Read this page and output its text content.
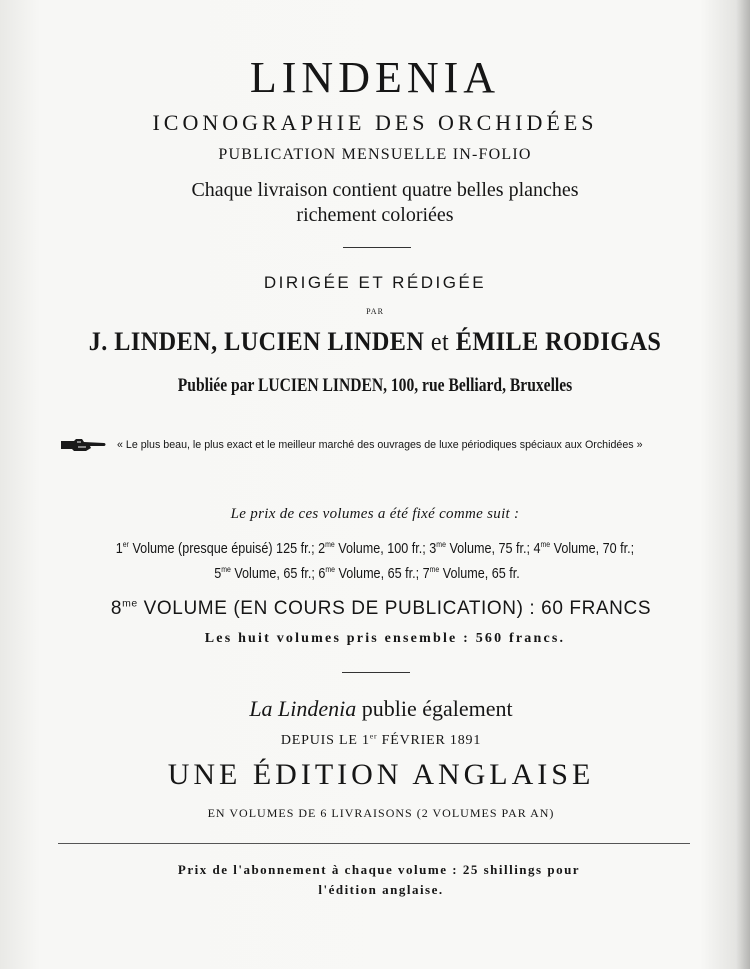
LINDENIA
ICONOGRAPHIE DES ORCHIDÉES
PUBLICATION MENSUELLE IN-FOLIO
Chaque livraison contient quatre belles planches
richement coloriées
DIRIGÉE ET RÉDIGÉE
PAR
J. LINDEN, LUCIEN LINDEN et ÉMILE RODIGAS
Publiée par LUCIEN LINDEN, 100, rue Belliard, Bruxelles
« Le plus beau, le plus exact et le meilleur marché des ouvrages de luxe périodiques spéciaux aux Orchidées »
Le prix de ces volumes a été fixé comme suit :
1er Volume (presque épuisé) 125 fr.; $2^{me}$ Volume, 100 fr.; $3^{me}$ Volume, 75 fr.; $4^{me}$ Volume, 70 fr.;
$5^{me}$ Volume, 65 fr.; $6^{me}$ Volume, 65 fr.; $7^{me}$ Volume, 65 fr.
$8^{me}$ VOLUME (EN COURS DE PUBLICATION) : 60 FRANCS
Les huit volumes pris ensemble : 560 francs.
La Lindenia publie également
DEPUIS LE 1er FÉVRIER 1891
UNE ÉDITION ANGLAISE
EN VOLUMES DE 6 LIVRAISONS (2 VOLUMES PAR AN)
Prix de l'abonnement à chaque volume : 25 shillings pour
l'édition anglaise.
